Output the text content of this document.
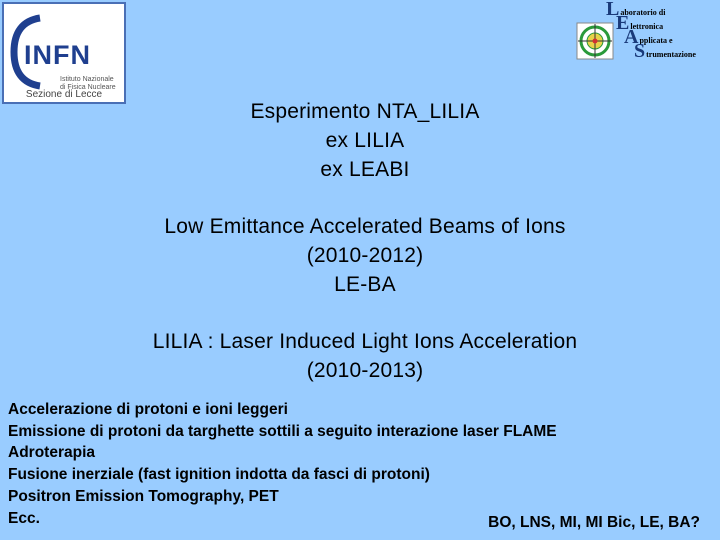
INFN
Istituto Nazionale
di Fisica Nucleare
Sezione di Lecce
Laboratorio di
Elettronica
Applicata e
Strumentazione
Esperimento NTA_LILIA
ex LILIA
ex LEABI
Low Emittance Accelerated Beams of Ions
(2010-2012)
LE-BA
LILIA : Laser Induced Light Ions Acceleration
(2010-2013)
Accelerazione di protoni e ioni leggeri
Emissione di protoni da targhette sottili a seguito interazione laser FLAME
Adroterapia
Fusione inerziale (fast ignition indotta da fasci di protoni)
Positron Emission Tomography, PET
Ecc.	BO, LNS, MI, MI Bic, LE, BA?
